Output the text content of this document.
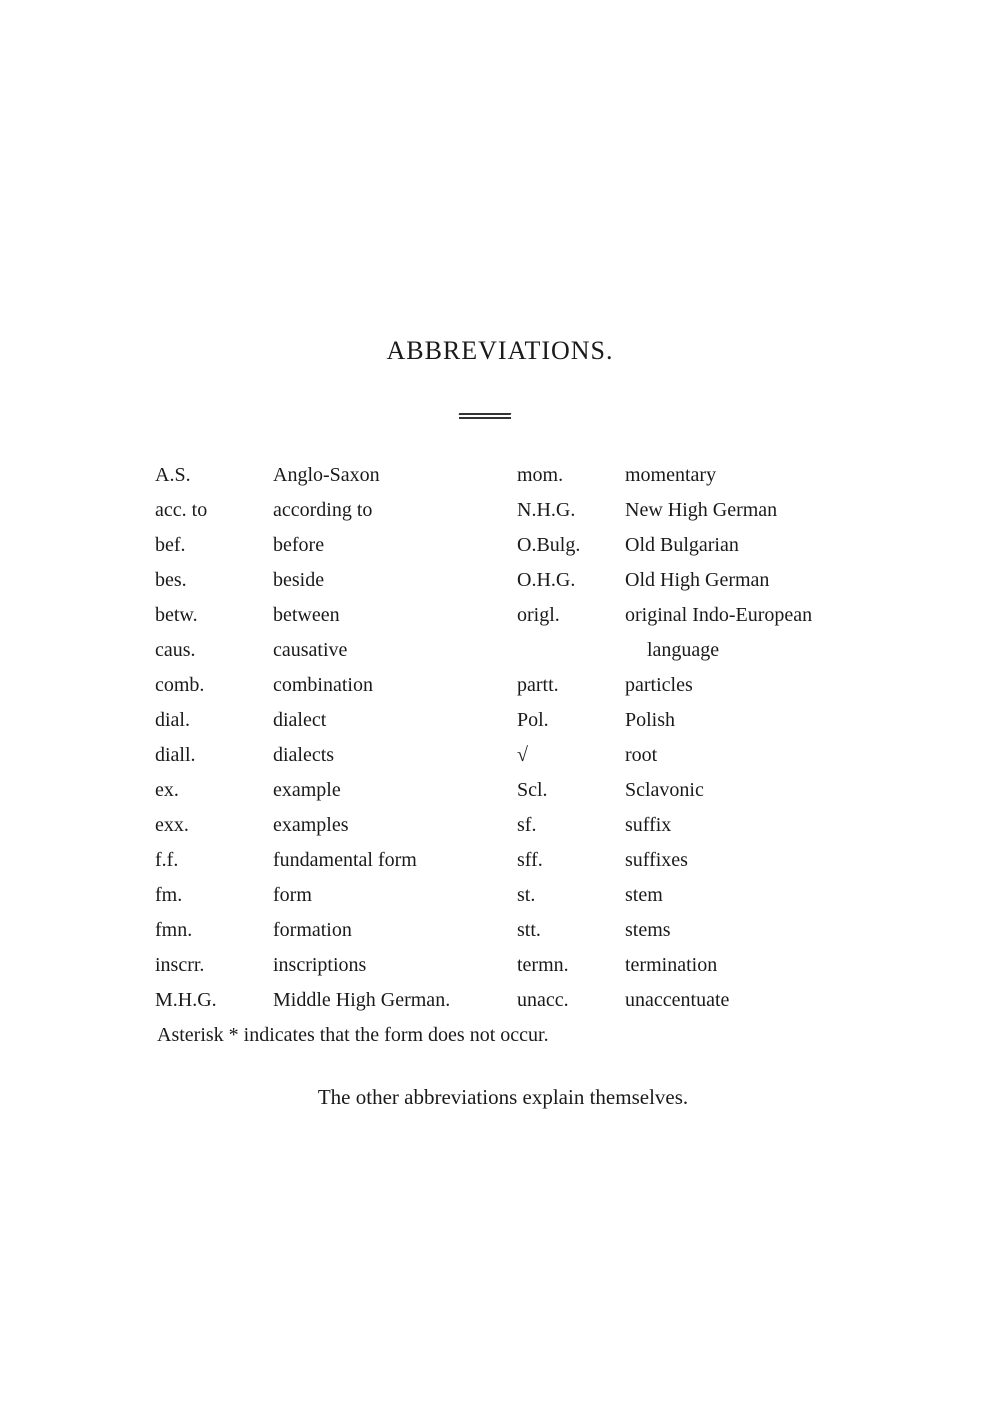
ABBREVIATIONS.
A.S.	Anglo-Saxon	mom.	momentary
acc. to	according to	N.H.G. New High German
bef.	before	O.Bulg. Old Bulgarian
bes.	beside	O.H.G. Old High German
betw.	between	origl.	original Indo-European
caus.	causative	language
comb.	combination	partt.	particles
dial.	dialect	Pol.	Polish
diall.	dialects	√	root
ex.	example	Scl.	Sclavonic
exx.	examples	sf.	suffix
f.f.	fundamental form	sff.	suffixes
fm.	form	st.	stem
fmn.	formation	stt.	stems
inscrr.	inscriptions	termn.	termination
M.H.G.	Middle High German.	unacc.	unaccentuate
Asterisk * indicates that the form does not occur.
The other abbreviations explain themselves.
